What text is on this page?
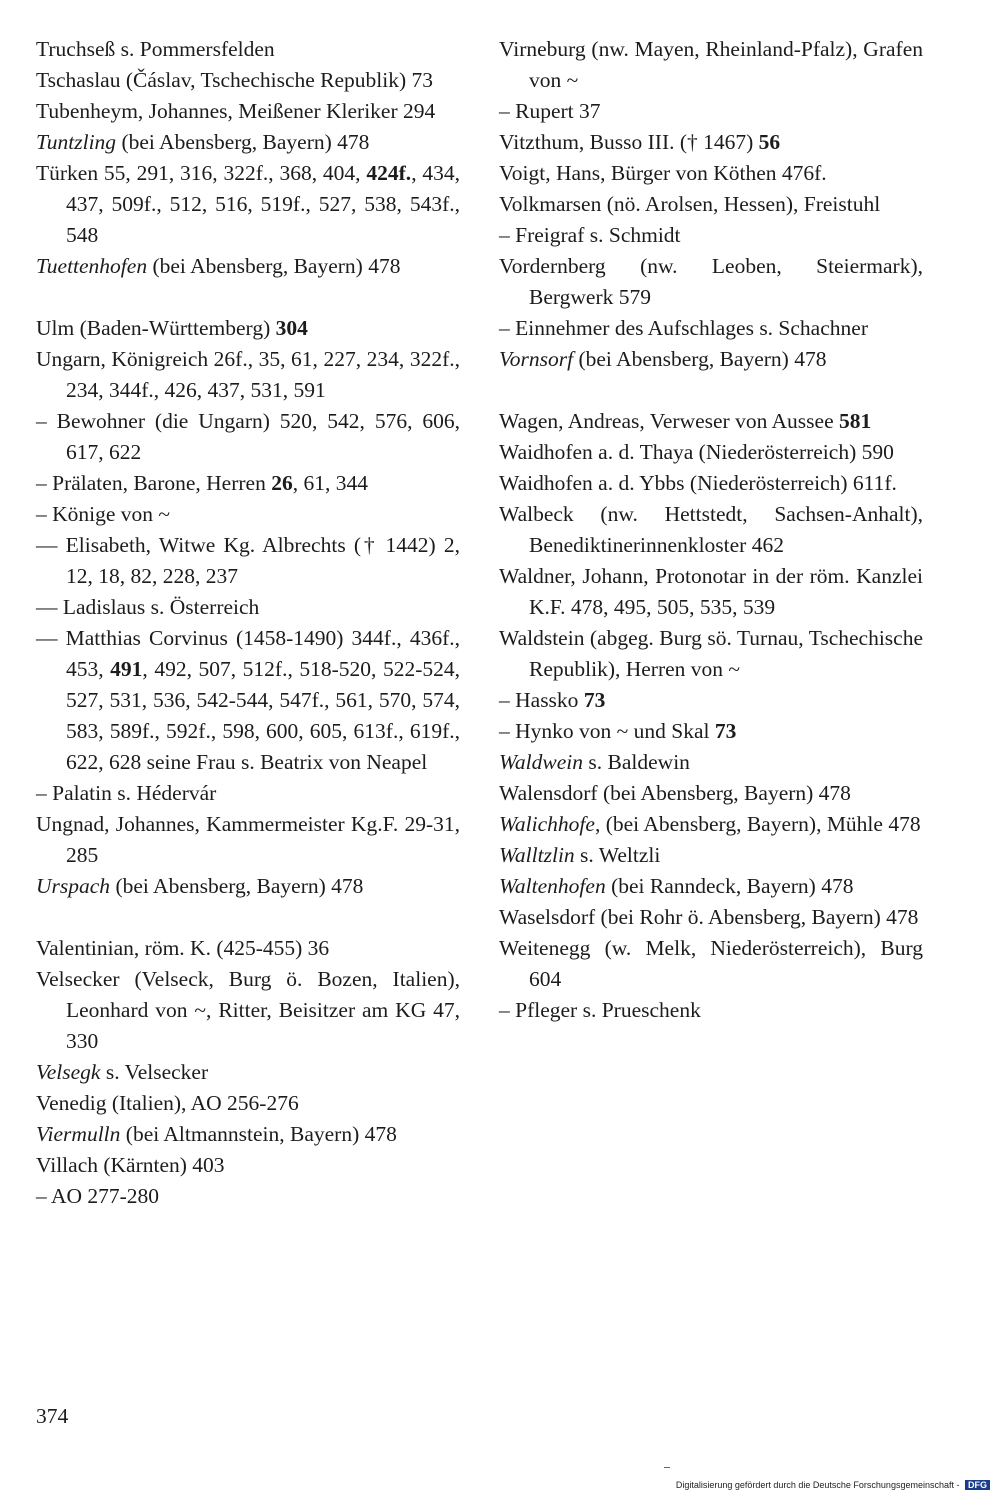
Truchseß s. Pommersfelden
Tschaslau (Čáslav, Tschechische Republik) 73
Tubenheym, Johannes, Meißener Kleriker 294
Tuntzling (bei Abensberg, Bayern) 478
Türken 55, 291, 316, 322f., 368, 404, 424f., 434, 437, 509f., 512, 516, 519f., 527, 538, 543f., 548
Tuettenhofen (bei Abensberg, Bayern) 478
Ulm (Baden-Württemberg) 304
Ungarn, Königreich 26f., 35, 61, 227, 234, 322f., 234, 344f., 426, 437, 531, 591
– Bewohner (die Ungarn) 520, 542, 576, 606, 617, 622
– Prälaten, Barone, Herren 26, 61, 344
– Könige von ~
–– Elisabeth, Witwe Kg. Albrechts († 1442) 2, 12, 18, 82, 228, 237
–– Ladislaus s. Österreich
–– Matthias Corvinus (1458-1490) 344f., 436f., 453, 491, 492, 507, 512f., 518-520, 522-524, 527, 531, 536, 542-544, 547f., 561, 570, 574, 583, 589f., 592f., 598, 600, 605, 613f., 619f., 622, 628 seine Frau s. Beatrix von Neapel
– Palatin s. Hédervár
Ungnad, Johannes, Kammermeister Kg.F. 29-31, 285
Urspach (bei Abensberg, Bayern) 478
Valentinian, röm. K. (425-455) 36
Velsecker (Velseck, Burg ö. Bozen, Italien), Leonhard von ~, Ritter, Beisitzer am KG 47, 330
Velsegk s. Velsecker
Venedig (Italien), AO 256-276
Viermulln (bei Altmannstein, Bayern) 478
Villach (Kärnten) 403
– AO 277-280
Virneburg (nw. Mayen, Rheinland-Pfalz), Grafen von ~
– Rupert 37
Vitzthum, Busso III. († 1467) 56
Voigt, Hans, Bürger von Köthen 476f.
Volkmarsen (nö. Arolsen, Hessen), Freistuhl
– Freigraf s. Schmidt
Vordernberg (nw. Leoben, Steiermark), Bergwerk 579
– Einnehmer des Aufschlages s. Schachner
Vornsorf (bei Abensberg, Bayern) 478
Wagen, Andreas, Verweser von Aussee 581
Waidhofen a. d. Thaya (Niederösterreich) 590
Waidhofen a. d. Ybbs (Niederösterreich) 611f.
Walbeck (nw. Hettstedt, Sachsen-Anhalt), Benediktinerinnenkloster 462
Waldner, Johann, Protonotar in der röm. Kanzlei K.F. 478, 495, 505, 535, 539
Waldstein (abgeg. Burg sö. Turnau, Tschechische Republik), Herren von ~
– Hassko 73
– Hynko von ~ und Skal 73
Waldwein s. Baldewin
Walensdorf (bei Abensberg, Bayern) 478
Walichhofe, (bei Abensberg, Bayern), Mühle 478
Walltzlin s. Weltzli
Waltenhofen (bei Ranndeck, Bayern) 478
Waselsdorf (bei Rohr ö. Abensberg, Bayern) 478
Weitenegg (w. Melk, Niederösterreich), Burg 604
– Pfleger s. Prueschenk
374
Digitalisierung gefördert durch die Deutsche Forschungsgemeinschaft - DFG
